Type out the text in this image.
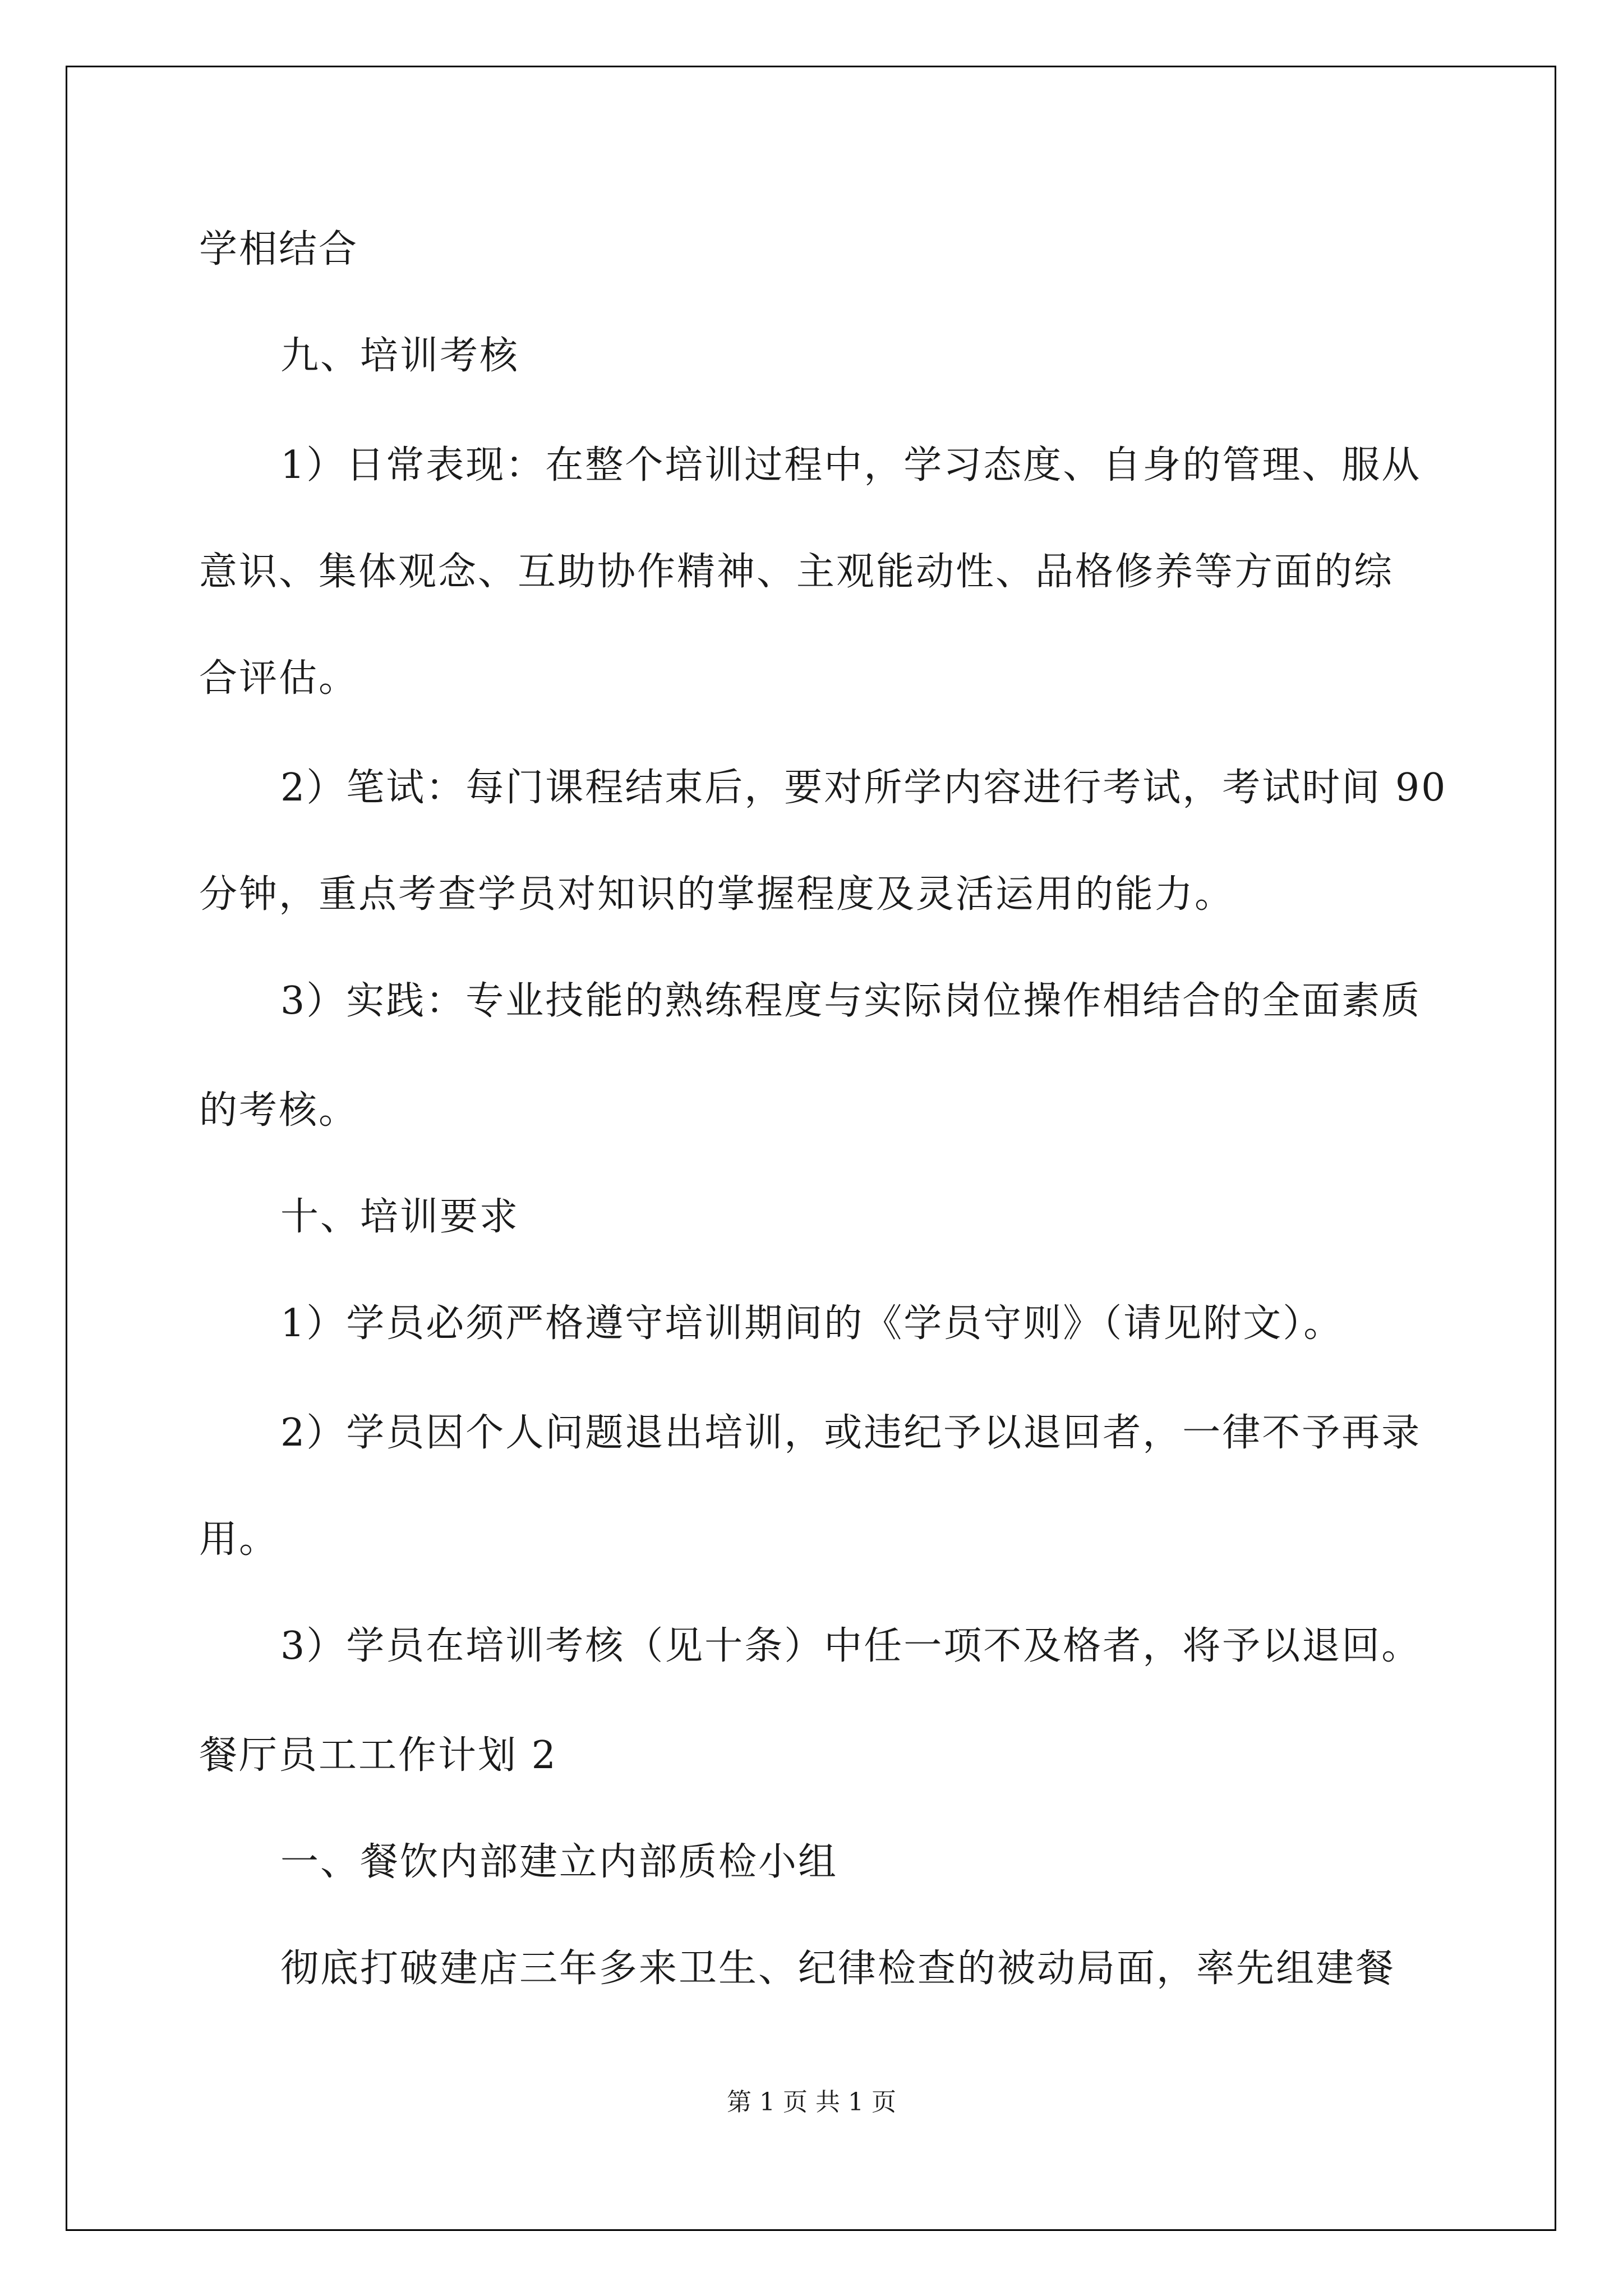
学相结合
九、培训考核
1）日常表现：在整个培训过程中，学习态度、自身的管理、服从
意识、集体观念、互助协作精神、主观能动性、品格修养等方面的综
合评估。
2）笔试：每门课程结束后，要对所学内容进行考试，考试时间 90
分钟，重点考查学员对知识的掌握程度及灵活运用的能力。
3）实践：专业技能的熟练程度与实际岗位操作相结合的全面素质
的考核。
十、培训要求
1）学员必须严格遵守培训期间的《学员守则》（请见附文）。
2）学员因个人问题退出培训，或违纪予以退回者，一律不予再录
用。
3）学员在培训考核（见十条）中任一项不及格者，将予以退回。
餐厅员工工作计划 2
一、餐饮内部建立内部质检小组
彻底打破建店三年多来卫生、纪律检查的被动局面，率先组建餐
第 1 页 共 1 页
